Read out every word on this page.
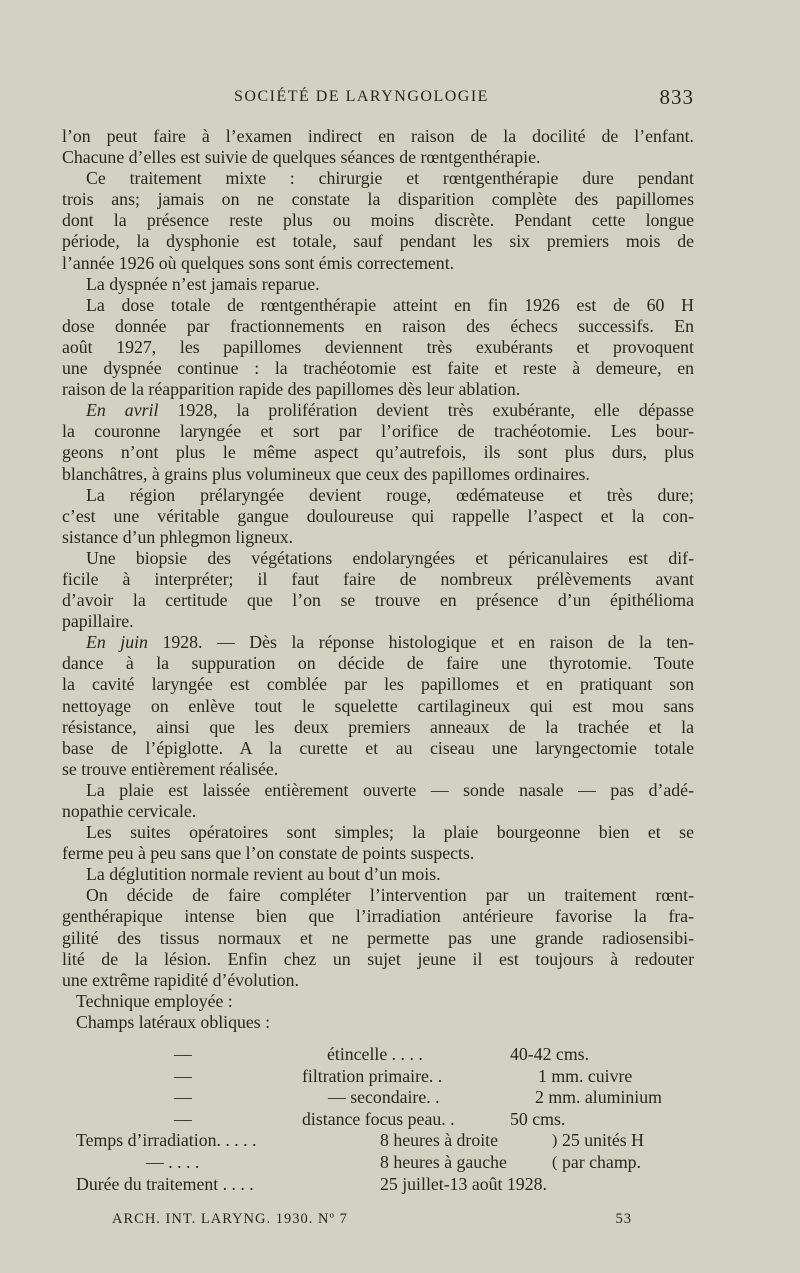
SOCIÉTÉ DE LARYNGOLOGIE	833
l’on peut faire à l’examen indirect en raison de la docilité de l’enfant.
Chacune d’elles est suivie de quelques séances de rœntgenthérapie.
Ce traitement mixte : chirurgie et rœntgenthérapie dure pendant
trois ans; jamais on ne constate la disparition complète des papillomes
dont la présence reste plus ou moins discrète. Pendant cette longue
période, la dysphonie est totale, sauf pendant les six premiers mois de
l’année 1926 où quelques sons sont émis correctement.
La dyspnée n’est jamais reparue.
La dose totale de rœntgenthérapie atteint en fin 1926 est de 60 H
dose donnée par fractionnements en raison des échecs successifs. En
août 1927, les papillomes deviennent très exubérants et provoquent
une dyspnée continue : la trachéotomie est faite et reste à demeure, en
raison de la réapparition rapide des papillomes dès leur ablation.
En avril 1928, la prolifération devient très exubérante, elle dépasse
la couronne laryngée et sort par l’orifice de trachéotomie. Les bour-
geons n’ont plus le même aspect qu’autrefois, ils sont plus durs, plus
blanchâtres, à grains plus volumineux que ceux des papillomes ordinaires.
La région prélaryngée devient rouge, œdémateuse et très dure;
c’est une véritable gangue douloureuse qui rappelle l’aspect et la con-
sistance d’un phlegmon ligneux.
Une biopsie des végétations endolaryngées et péricanulaires est dif-
ficile à interpréter; il faut faire de nombreux prélèvements avant
d’avoir la certitude que l’on se trouve en présence d’un épithélioma
papillaire.
En juin 1928. — Dès la réponse histologique et en raison de la ten-
dance à la suppuration on décide de faire une thyrotomie. Toute
la cavité laryngée est comblée par les papillomes et en pratiquant son
nettoyage on enlève tout le squelette cartilagineux qui est mou sans
résistance, ainsi que les deux premiers anneaux de la trachée et la
base de l’épiglotte. A la curette et au ciseau une laryngectomie totale
se trouve entièrement réalisée.
La plaie est laissée entièrement ouverte — sonde nasale — pas d’adé-
nopathie cervicale.
Les suites opératoires sont simples; la plaie bourgeonne bien et se
ferme peu à peu sans que l’on constate de points suspects.
La déglutition normale revient au bout d’un mois.
On décide de faire compléter l’intervention par un traitement rœnt-
genthérapique intense bien que l’irradiation antérieure favorise la fra-
gilité des tissus normaux et ne permette pas une grande radiosensibi-
lité de la lésion. Enfin chez un sujet jeune il est toujours à redouter
une extrême rapidité d’évolution.
Technique employée :
Champs latéraux obliques :
—	étincelle . . . .	40-42 cms.
—	filtration primaire. .	1 mm. cuivre
—	— secondaire. .	2 mm. aluminium
—	distance focus peau. .	50 cms.
Temps d’irradiation. . . . .	8 heures à droite	) 25 unités H
— . . . .	8 heures à gauche	( par champ.
Durée du traitement . . . .	25 juillet-13 août 1928.
ARCH. INT. LARYNG. 1930. Nº 7	53
